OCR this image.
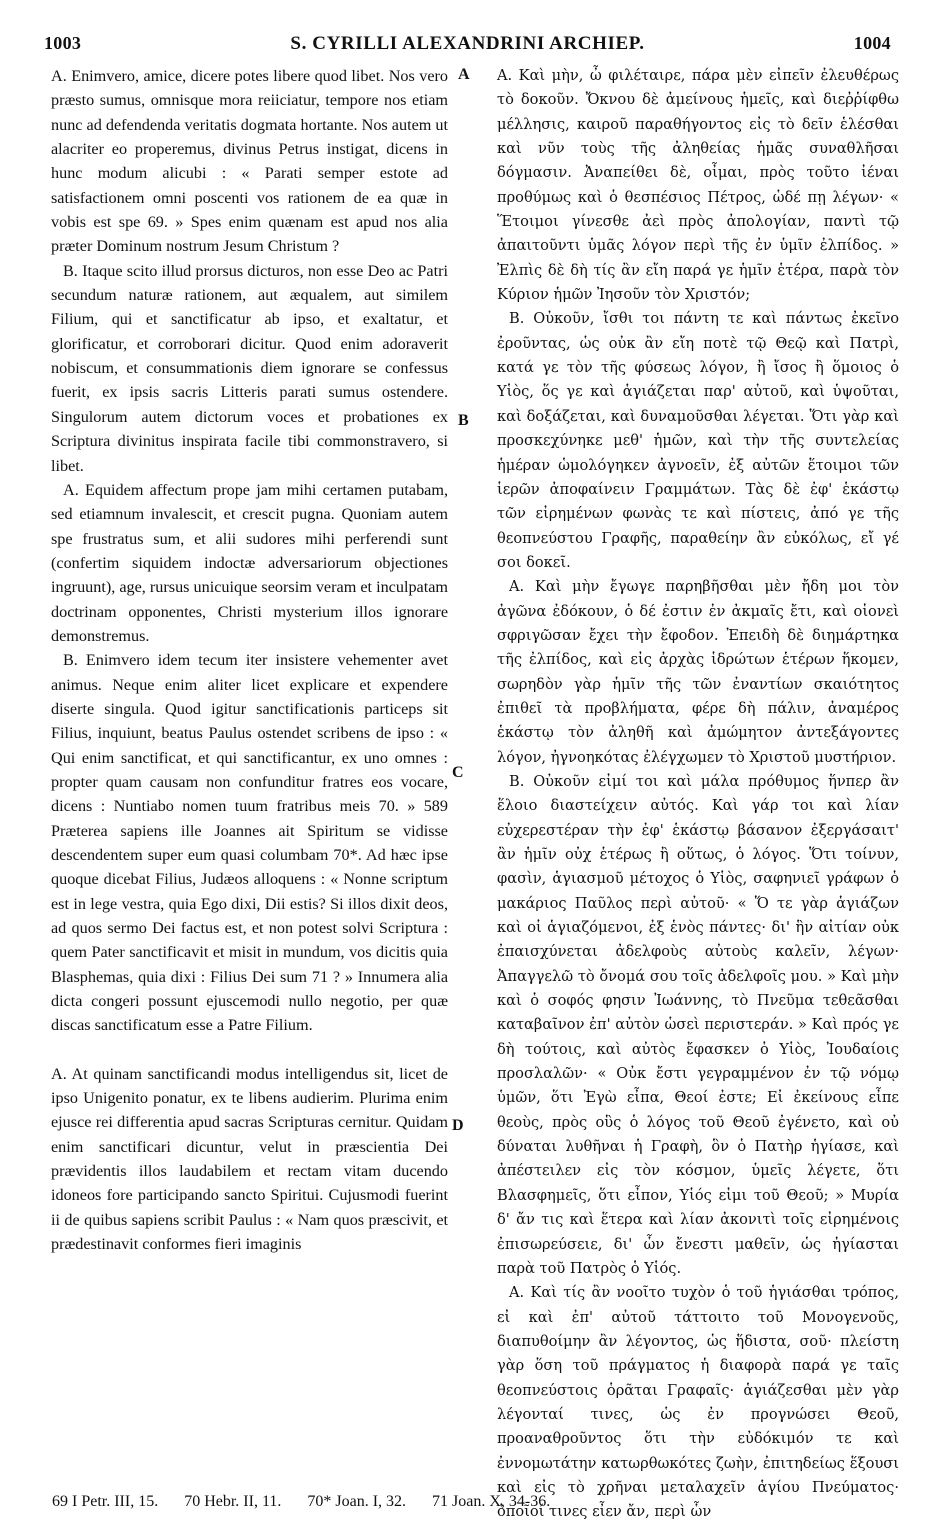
1003	S. CYRILLI ALEXANDRINI ARCHIEP.	1004

A. Enimvero, amice, dicere potes libere quod libet. Nos vero præsto sumus, omnisque mora reiiciatur, tempore nos etiam nunc ad defendenda veritatis dogmata hortante. Nos autem ut alacriter eo properemus, divinus Petrus instigat, dicens in hunc modum alicubi : « Parati semper estote ad satisfactionem omni poscenti vos rationem de ea quæ in vobis est spe 69. » Spes enim quænam est apud nos alia præter Dominum nostrum Jesum Christum ?

B. Itaque scito illud prorsus dicturos, non esse Deo ac Patri secundum naturæ rationem, aut æqualem, aut similem Filium, qui et sanctificatur ab ipso, et exaltatur, et glorificatur, et corroborari dicitur. Quod enim adoraverit nobiscum, et consummationis diem ignorare se confessus fuerit, ex ipsis sacris Litteris parati sumus ostendere. Singulorum autem dictorum voces et probationes ex Scriptura divinitus inspirata facile tibi commonstravero, si libet.

A. Equidem affectum prope jam mihi certamen putabam, sed etiamnum invalescit, et crescit pugna. Quoniam autem spe frustratus sum, et alii sudores mihi perferendi sunt (confertim siquidem indoctæ adversariorum objectiones ingruunt), age, rursus unicuique seorsim veram et inculpatam doctrinam opponentes, Christi mysterium illos ignorare demonstremus.

B. Enimvero idem tecum iter insistere vehementer avet animus. Neque enim aliter licet explicare et expendere diserte singula. Quod igitur sanctificationis particeps sit Filius, inquiunt, beatus Paulus ostendet scribens de ipso : « Qui enim sanctificat, et qui sanctificantur, ex uno omnes : propter quam causam non confunditur fratres eos vocare, dicens : Nuntiabo nomen tuum fratribus meis 70. » 589 Præterea sapiens ille Joannes ait Spiritum se vidisse descendentem super eum quasi columbam 70*. Ad hæc ipse quoque dicebat Filius, Judæos alloquens : « Nonne scriptum est in lege vestra, quia Ego dixi, Dii estis? Si illos dixit deos, ad quos sermo Dei factus est, et non potest solvi Scriptura : quem Pater sanctificavit et misit in mundum, vos dicitis quia Blasphemas, quia dixi : Filius Dei sum 71 ? » Innumera alia dicta congeri possunt ejuscemodi nullo negotio, per quæ discas sanctificatum esse a Patre Filium.

A. At quinam sanctificandi modus intelligendus sit, licet de ipso Unigenito ponatur, ex te libens audierim. Plurima enim ejusce rei differentia apud sacras Scripturas cernitur. Quidam enim sanctificari dicuntur, velut in præscientia Dei prævidentis illos laudabilem et rectam vitam ducendo idoneos fore participando sancto Spiritui. Cujusmodi fuerint ii de quibus sapiens scribit Paulus : « Nam quos præscivit, et prædestinavit conformes fieri imaginis

A
B
C
D

A. Καὶ μὴν, ὦ φιλέταιρε, πάρα μὲν εἰπεῖν ἐλευθέρως τὸ δοκοῦν. Ὄκνου δὲ ἀμείνους ἡμεῖς, καὶ διεῤῥίφθω μέλλησις, καιροῦ παραθήγοντος εἰς τὸ δεῖν ἑλέσθαι καὶ νῦν τοὺς τῆς ἀληθείας ἡμᾶς συναθλῆσαι δόγμασιν. Ἀναπείθει δὲ, οἶμαι, πρὸς τοῦτο ἰέναι προθύμως καὶ ὁ θεσπέσιος Πέτρος, ὡδέ πῃ λέγων· « Ἕτοιμοι γίνεσθε ἀεὶ πρὸς ἀπολογίαν, παντὶ τῷ ἀπαιτοῦντι ὑμᾶς λόγον περὶ τῆς ἐν ὑμῖν ἐλπίδος. » Ἐλπὶς δὲ δὴ τίς ἂν εἴη παρά γε ἡμῖν ἑτέρα, παρὰ τὸν Κύριον ἡμῶν Ἰησοῦν τὸν Χριστόν;

B. Οὐκοῦν, ἴσθι τοι πάντη τε καὶ πάντως ἐκεῖνο ἐροῦντας, ὡς οὐκ ἂν εἴη ποτὲ τῷ Θεῷ καὶ Πατρὶ, κατά γε τὸν τῆς φύσεως λόγον, ἢ ἴσος ἢ ὅμοιος ὁ Υἱὸς, ὅς γε καὶ ἁγιάζεται παρ' αὐτοῦ, καὶ ὑψοῦται, καὶ δοξάζεται, καὶ δυναμοῦσθαι λέγεται. Ὅτι γὰρ καὶ προσκεχύνηκε μεθ' ἡμῶν, καὶ τὴν τῆς συντελείας ἡμέραν ὡμολόγηκεν ἀγνοεῖν, ἐξ αὐτῶν ἕτοιμοι τῶν ἱερῶν ἀποφαίνειν Γραμμάτων. Τὰς δὲ ἐφ' ἑκάστῳ τῶν εἰρημένων φωνὰς τε καὶ πίστεις, ἀπό γε τῆς θεοπνεύστου Γραφῆς, παραθείην ἂν εὐκόλως, εἴ γέ σοι δοκεῖ.

A. Καὶ μὴν ἔγωγε παρηβῆσθαι μὲν ἤδη μοι τὸν ἀγῶνα ἐδόκουν, ὁ δέ ἐστιν ἐν ἀκμαῖς ἔτι, καὶ οἱονεὶ σφριγῶσαν ἔχει τὴν ἔφοδον. Ἐπειδὴ δὲ διημάρτηκα τῆς ἐλπίδος, καὶ εἰς ἀρχὰς ἱδρώτων ἑτέρων ἥκομεν, σωρηδὸν γὰρ ἡμῖν τῆς τῶν ἐναντίων σκαιότητος ἐπιθεῖ τὰ προβλήματα, φέρε δὴ πάλιν, ἀναμέρος ἑκάστῳ τὸν ἀληθῆ καὶ ἀμώμητον ἀντεξάγοντες λόγον, ἠγνοηκότας ἐλέγχωμεν τὸ Χριστοῦ μυστήριον.

B. Οὐκοῦν εἰμί τοι καὶ μάλα πρόθυμος ἥνπερ ἂν ἕλοιο διαστείχειν αὐτός. Καὶ γάρ τοι καὶ λίαν εὐχερεστέραν τὴν ἐφ' ἑκάστῳ βάσανον ἐξεργάσαιτ' ἂν ἡμῖν οὐχ ἑτέρως ἢ οὕτως, ὁ λόγος. Ὅτι τοίνυν, φασὶν, ἁγιασμοῦ μέτοχος ὁ Υἱὸς, σαφηνιεῖ γράφων ὁ μακάριος Παῦλος περὶ αὐτοῦ· « Ὅ τε γὰρ ἁγιάζων καὶ οἱ ἁγιαζόμενοι, ἐξ ἑνὸς πάντες· δι' ἣν αἰτίαν οὐκ ἐπαισχύνεται ἀδελφοὺς αὐτοὺς καλεῖν, λέγων· Ἀπαγγελῶ τὸ ὄνομά σου τοῖς ἀδελφοῖς μου. » Καὶ μὴν καὶ ὁ σοφός φησιν Ἰωάννης, τὸ Πνεῦμα τεθεᾶσθαι καταβαῖνον ἐπ' αὐτὸν ὡσεὶ περιστεράν. » Καὶ πρός γε δὴ τούτοις, καὶ αὐτὸς ἔφασκεν ὁ Υἱὸς, Ἰουδαίοις προσλαλῶν· « Οὐκ ἔστι γεγραμμένον ἐν τῷ νόμῳ ὑμῶν, ὅτι Ἐγὼ εἶπα, Θεοί ἐστε; Εἰ ἐκείνους εἶπε θεοὺς, πρὸς οὓς ὁ λόγος τοῦ Θεοῦ ἐγένετο, καὶ οὐ δύναται λυθῆναι ἡ Γραφὴ, ὃν ὁ Πατὴρ ἡγίασε, καὶ ἀπέστειλεν εἰς τὸν κόσμον, ὑμεῖς λέγετε, ὅτι Βλασφημεῖς, ὅτι εἶπον, Υἱός εἰμι τοῦ Θεοῦ; » Μυρία δ' ἄν τις καὶ ἕτερα καὶ λίαν ἀκονιτὶ τοῖς εἰρημένοις ἐπισωρεύσειε, δι' ὧν ἔνεστι μαθεῖν, ὡς ἡγίασται παρὰ τοῦ Πατρὸς ὁ Υἱός.

A. Καὶ τίς ἂν νοοῖτο τυχὸν ὁ τοῦ ἡγιάσθαι τρόπος, εἰ καὶ ἐπ' αὐτοῦ τάττοιτο τοῦ Μονογενοῦς, διαπυθοίμην ἂν λέγοντος, ὡς ἥδιστα, σοῦ· πλείστη γὰρ ὅση τοῦ πράγματος ἡ διαφορὰ παρά γε ταῖς θεοπνεύστοις ὁρᾶται Γραφαῖς· ἁγιάζεσθαι μὲν γὰρ λέγονταί τινες, ὡς ἐν προγνώσει Θεοῦ, προαναθροῦντος ὅτι τὴν εὐδόκιμόν τε καὶ ἐννομωτάτην κατωρθωκότες ζωὴν, ἐπιτηδείως ἕξουσι καὶ εἰς τὸ χρῆναι μεταλαχεῖν ἁγίου Πνεύματος· ὁποῖοί τινες εἶεν ἄν, περὶ ὧν

69 I Petr. III, 15. 70 Hebr. II, 11. 70* Joan. I, 32. 71 Joan. X, 34-36.
